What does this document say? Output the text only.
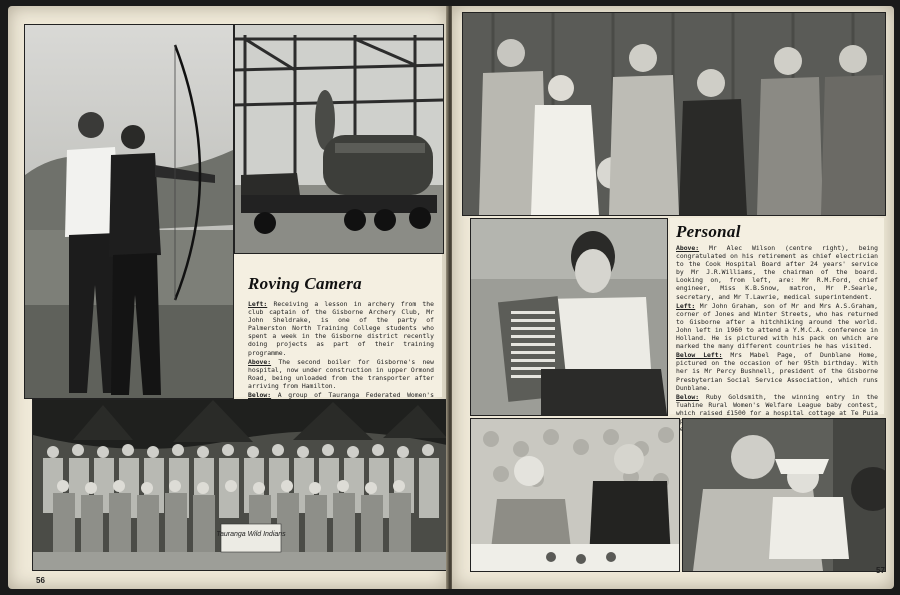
Roving Camera
Left: Receiving a lesson in archery from the club captain of the Gisborne Archery Club, Mr John Sheldrake, is one of the party of Palmerston North Training College students who spent a week in the Gisborne district recently doing projects as part of their training programme.
Above: The second boiler for Gisborne's new hospital, now under construction in upper Ormond Road, being unloaded from the transporter after arriving from Hamilton.
Below: A group of Tauranga Federated Women's
Tauranga Wild Indians
56
Personal
Above: Mr Alec Wilson (centre right), being congratulated on his retirement as chief electrician to the Cook Hospital Board after 24 years' service by Mr J.R.Williams, the chairman of the board. Looking on, from left, are: Mr R.M.Ford, chief engineer, Miss K.B.Snow, matron, Mr P.Searle, secretary, and Mr T.Lawrie, medical superintendent.
Left: Mr John Graham, son of Mr and Mrs A.S.Graham, corner of Jones and Winter Streets, who has returned to Gisborne after a hitchhiking around the world. John left in 1960 to attend a Y.M.C.A. conference in Holland. He is pictured with his pack on which are marked the many different countries he has visited.
Below Left: Mrs Mabel Page, of Dunblane Home, pictured on the occasion of her 95th birthday. With her is Mr Percy Bushnell, president of the Gisborne Presbyterian Social Service Association, which runs Dunblane.
Below: Ruby Goldsmith, the winning entry in the Tuahine Rural Women's Welfare League baby contest, which raised £1500 for a hospital cottage at Te Puia
57
